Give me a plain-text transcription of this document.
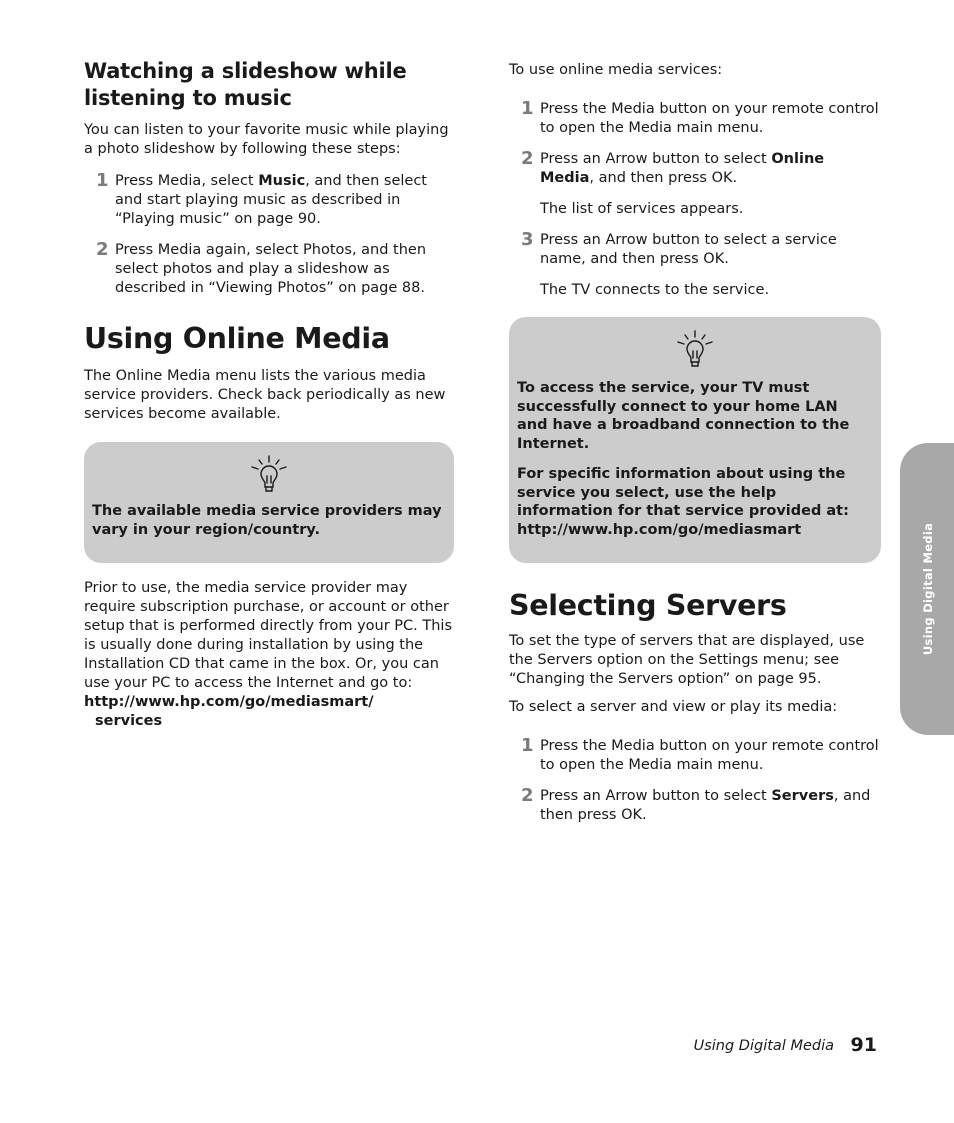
Watching a slideshow while listening to music

You can listen to your favorite music while playing a photo slideshow by following these steps:

1 Press Media, select Music, and then select and start playing music as described in “Playing music” on page 90.
2 Press Media again, select Photos, and then select photos and play a slideshow as described in “Viewing Photos” on page 88.
Using Online Media

The Online Media menu lists the various media service providers. Check back periodically as new services become available.

The available media service providers may vary in your region/country.

Prior to use, the media service provider may require subscription purchase, or account or other setup that is performed directly from your PC. This is usually done during installation by using the Installation CD that came in the box. Or, you can use your PC to access the Internet and go to:

http://www.hp.com/go/mediasmart/
services

To use online media services:

1 Press the Media button on your remote control to open the Media main menu.
2 Press an Arrow button to select Online Media, and then press OK.

The list of services appears.

3 Press an Arrow button to select a service name, and then press OK.

The TV connects to the service.

To access the service, your TV must successfully connect to your home LAN and have a broadband connection to the Internet.

For specific information about using the service you select, use the help information for that service provided at: http://www.hp.com/go/mediasmart

Selecting Servers

To set the type of servers that are displayed, use the Servers option on the Settings menu; see “Changing the Servers option” on page 95.

To select a server and view or play its media:

1 Press the Media button on your remote control to open the Media main menu.
2 Press an Arrow button to select Servers, and then press OK.
Using Digital Media
Using Digital Media 91
